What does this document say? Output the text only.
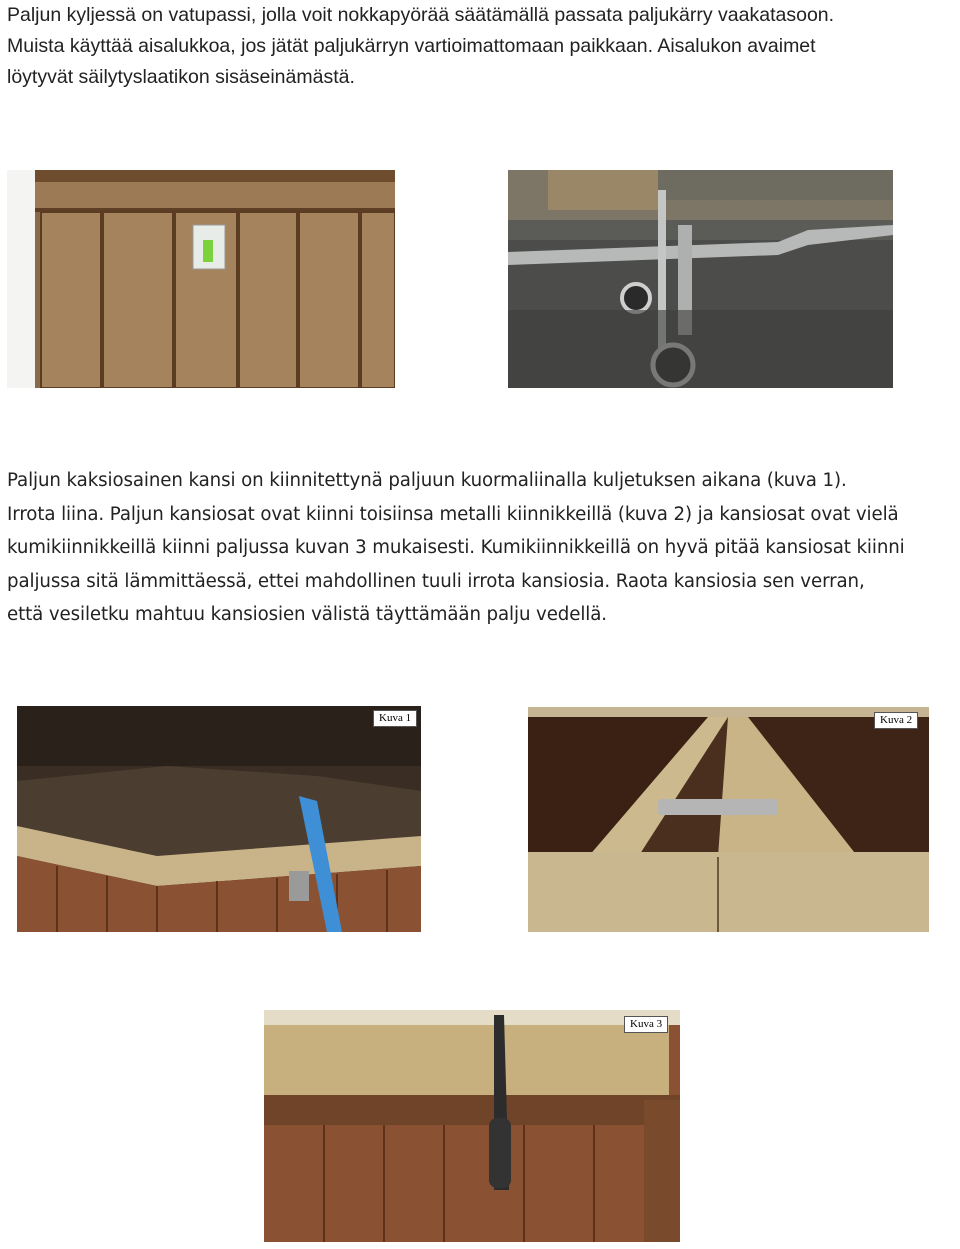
Paljun kyljessä on vatupassi, jolla voit nokkapyörää säätämällä passata paljukärry vaakatasoon.
Muista käyttää aisalukkoa, jos jätät paljukärryn vartioimattomaan paikkaan. Aisalukon avaimet
löytyvät säilytyslaatikon sisäseinämästä.

Paljun kaksiosainen kansi on kiinnitettynä paljuun kuormaliinalla kuljetuksen aikana (kuva 1).
Irrota liina. Paljun kansiosat ovat kiinni toisiinsa metalli kiinnikkeillä (kuva 2) ja kansiosat ovat vielä
kumikiinnikkeillä kiinni paljussa kuvan 3 mukaisesti. Kumikiinnikkeillä on hyvä pitää kansiosat kiinni
paljussa sitä lämmittäessä, ettei mahdollinen tuuli irrota kansiosia. Raota kansiosia sen verran,
että vesiletku mahtuu kansiosien välistä täyttämään palju vedellä.

Kuva 1	Kuva 2
Kuva 3
